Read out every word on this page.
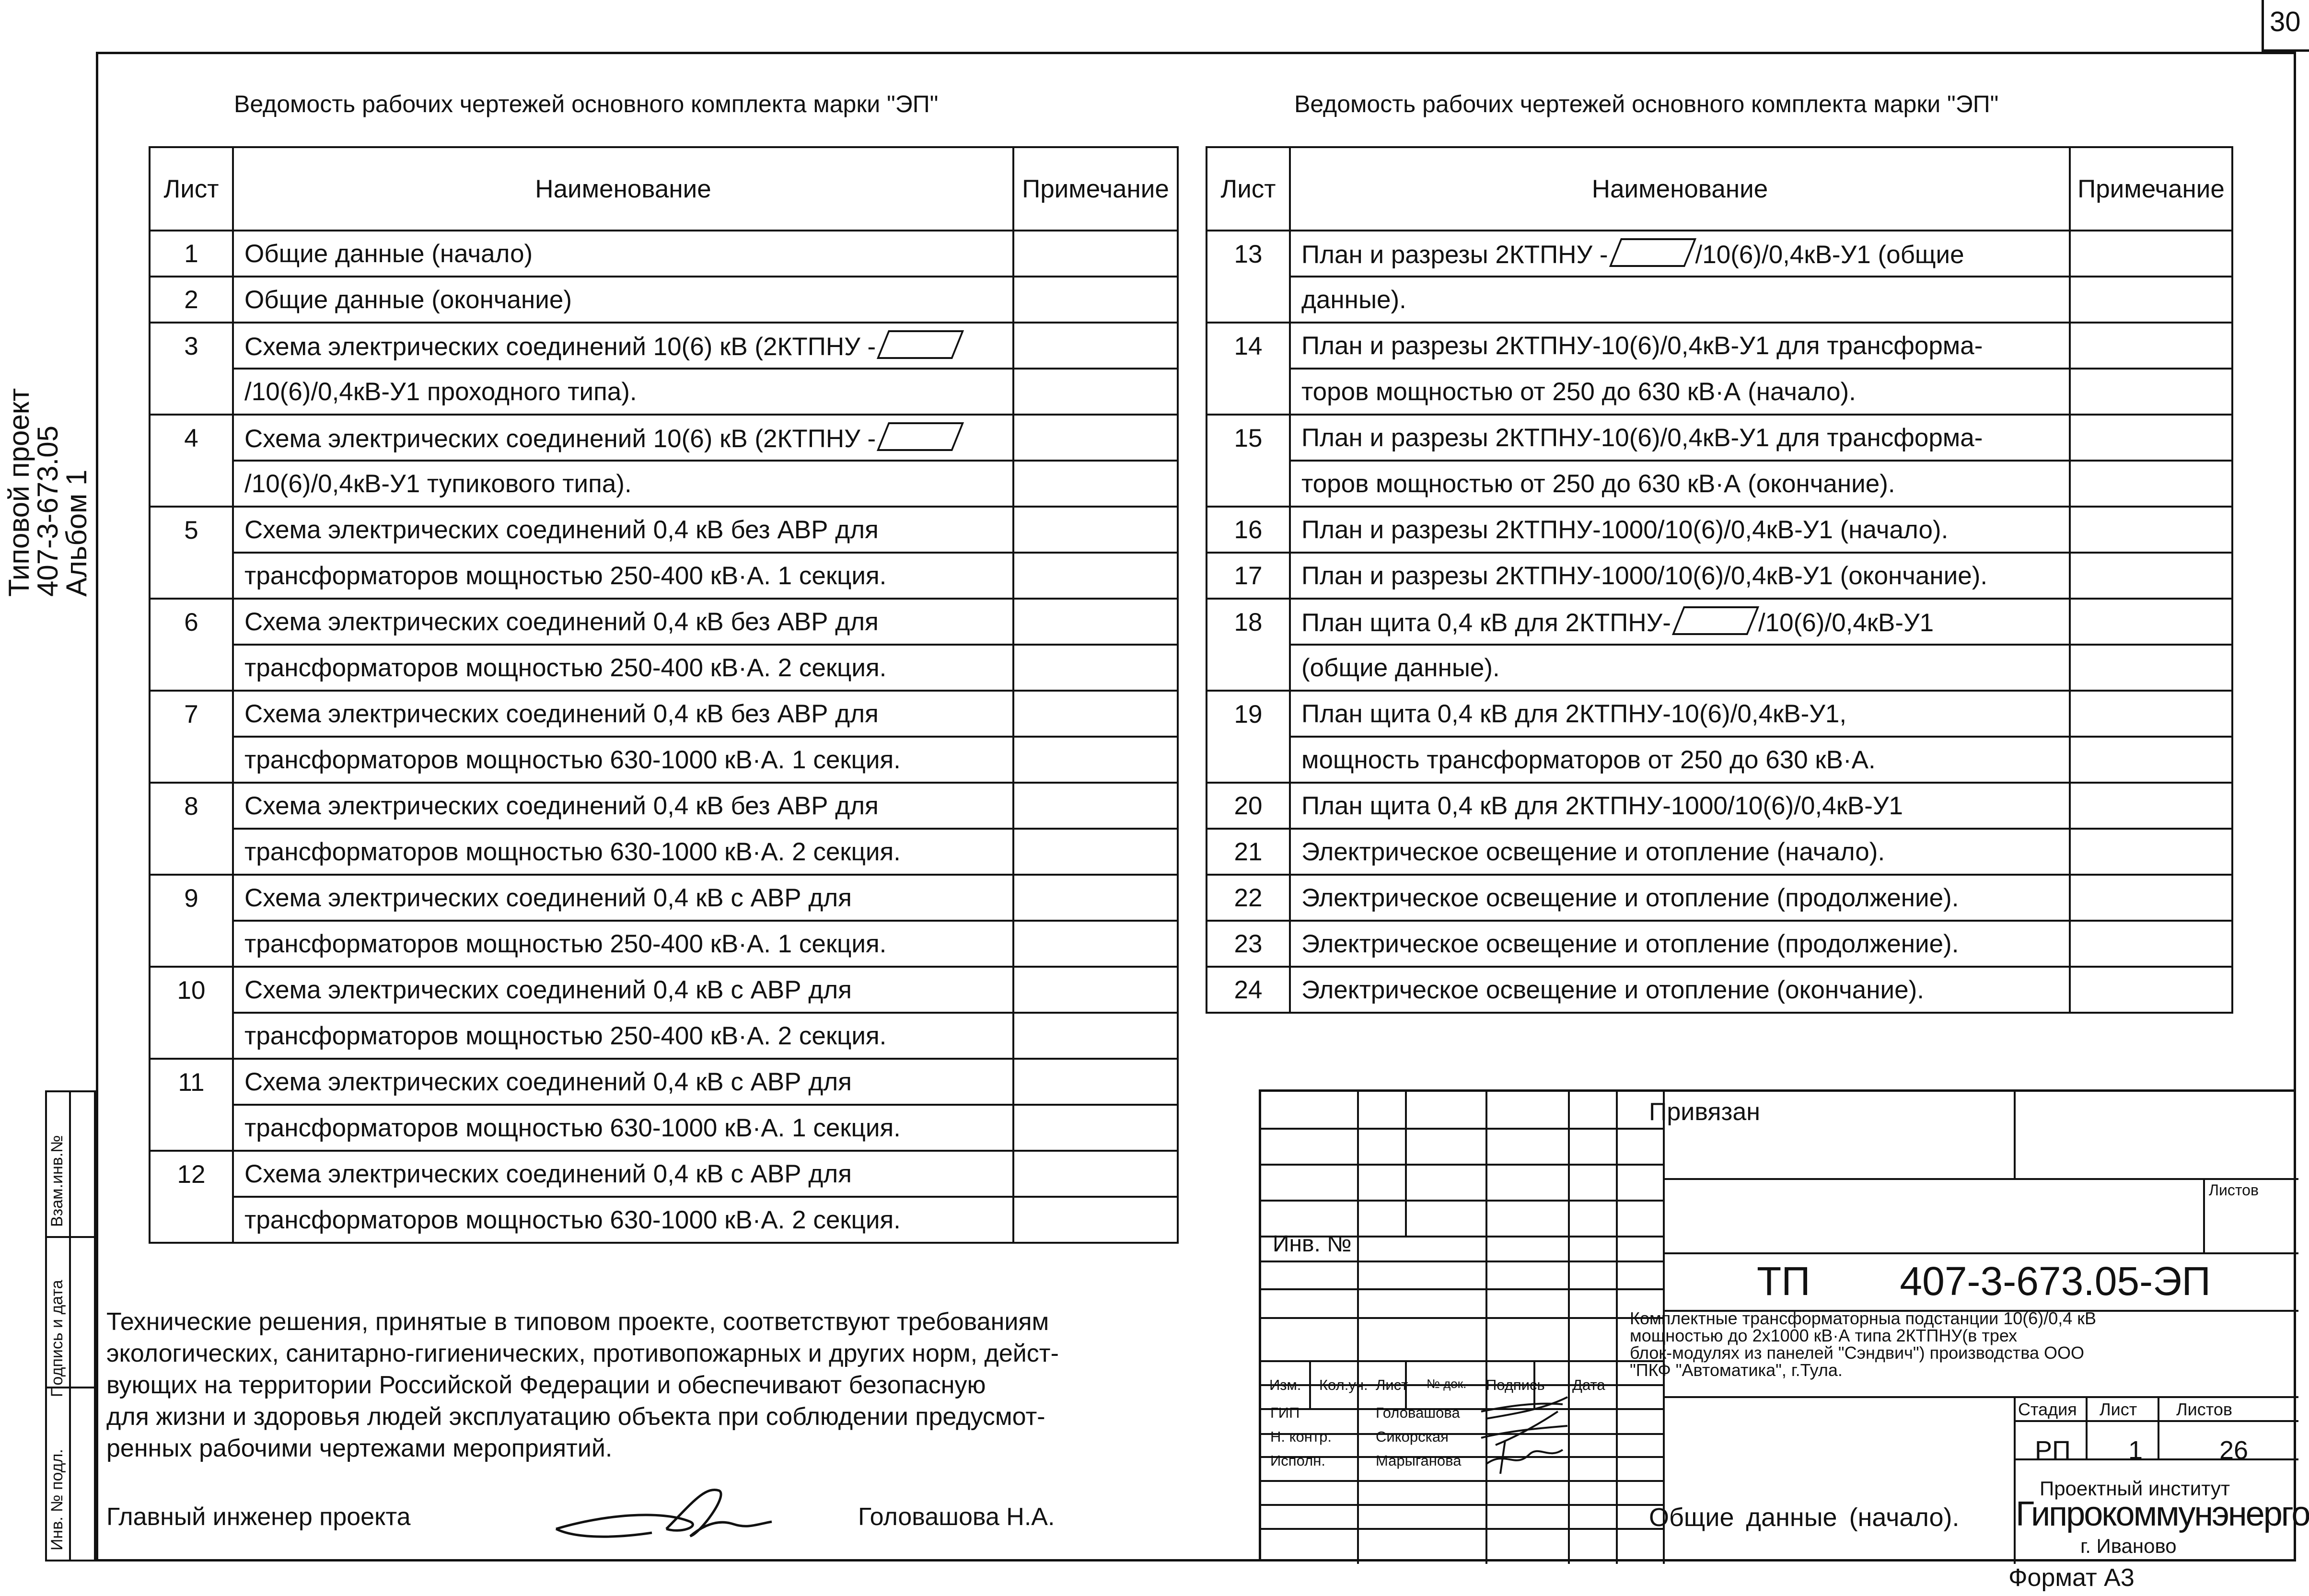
30
Типовой проект
407-3-673.05
Альбом 1
Взам.инв.№
Подпись и дата
Инв. № подл.
Ведомость рабочих чертежей основного комплекта марки "ЭП"	Ведомость рабочих чертежей основного комплекта марки "ЭП"
Лист	Наименование	Примечание
1	Общие данные (начало)	
2	Общие данные (окончание)	
3	Схема электрических соединений 10(6) кВ (2КТПНУ -	
	/10(6)/0,4кВ-У1 проходного типа).	
4	Схема электрических соединений 10(6) кВ (2КТПНУ -	
	/10(6)/0,4кВ-У1 тупикового типа).	
5	Схема электрических соединений 0,4 кВ без АВР для	
	трансформаторов мощностью 250-400 кВ·А. 1 секция.	
6	Схема электрических соединений 0,4 кВ без АВР для	
	трансформаторов мощностью 250-400 кВ·А. 2 секция.	
7	Схема электрических соединений 0,4 кВ без АВР для	
	трансформаторов мощностью 630-1000 кВ·А. 1 секция.	
8	Схема электрических соединений 0,4 кВ без АВР для	
	трансформаторов мощностью 630-1000 кВ·А. 2 секция.	
9	Схема электрических соединений 0,4 кВ с АВР для	
	трансформаторов мощностью 250-400 кВ·А. 1 секция.	
10	Схема электрических соединений 0,4 кВ с АВР для	
	трансформаторов мощностью 250-400 кВ·А. 2 секция.	
11	Схема электрических соединений 0,4 кВ с АВР для	
	трансформаторов мощностью 630-1000 кВ·А. 1 секция.	
12	Схема электрических соединений 0,4 кВ с АВР для	
	трансформаторов мощностью 630-1000 кВ·А. 2 секция.	
Лист	Наименование	Примечание
13	План и разрезы 2КТПНУ - /10(6)/0,4кВ-У1 (общие	
	данные).	
14	План и разрезы 2КТПНУ-10(6)/0,4кВ-У1 для трансформа-	
	торов мощностью от 250 до 630 кВ·А (начало).	
15	План и разрезы 2КТПНУ-10(6)/0,4кВ-У1 для трансформа-	
	торов мощностью от 250 до 630 кВ·А (окончание).	
16	План и разрезы 2КТПНУ-1000/10(6)/0,4кВ-У1 (начало).	
17	План и разрезы 2КТПНУ-1000/10(6)/0,4кВ-У1 (окончание).	
18	План щита 0,4 кВ для 2КТПНУ- /10(6)/0,4кВ-У1	
	(общие данные).	
19	План щита 0,4 кВ для 2КТПНУ-10(6)/0,4кВ-У1,	
	мощность трансформаторов от 250 до 630 кВ·А.	
20	План щита 0,4 кВ для 2КТПНУ-1000/10(6)/0,4кВ-У1	
21	Электрическое освещение и отопление (начало).	
22	Электрическое освещение и отопление (продолжение).	
23	Электрическое освещение и отопление (продолжение).	
24	Электрическое освещение и отопление (окончание).	
Технические решения, принятые в типовом проекте, соответствуют требованиям
экологических, санитарно-гигиенических, противопожарных и других норм, дейст-
вующих на территории Российской Федерации и обеспечивают безопасную
для жизни и здоровья людей эксплуатацию объекта при соблюдении предусмот-
ренных рабочими чертежами мероприятий.
Главный инженер проекта	Головашова Н.А.
Привязан
Листов
Инв. №
ТП        407-3-673.05-ЭП
Комплектныe трансформаторныa подстанции 10(6)/0,4 кВ
мощностью до 2х1000 кВ·А типа 2КТПНУ(в трех
блок-модулях из панелей "Сэндвич") производства ООО
"ПКФ "Автоматика", г.Тула.
Изм. Кол.уч. Лист № док. Подпись Дата
ГИП	Головашова
Н. контр.	Сикорская
Исполн.	Марыганова
Стадия Лист Листов
РП 1	26
Общие данные (начало).
Проектный институт
Гипрокоммунэнерго
г. Иваново
Формат А3
